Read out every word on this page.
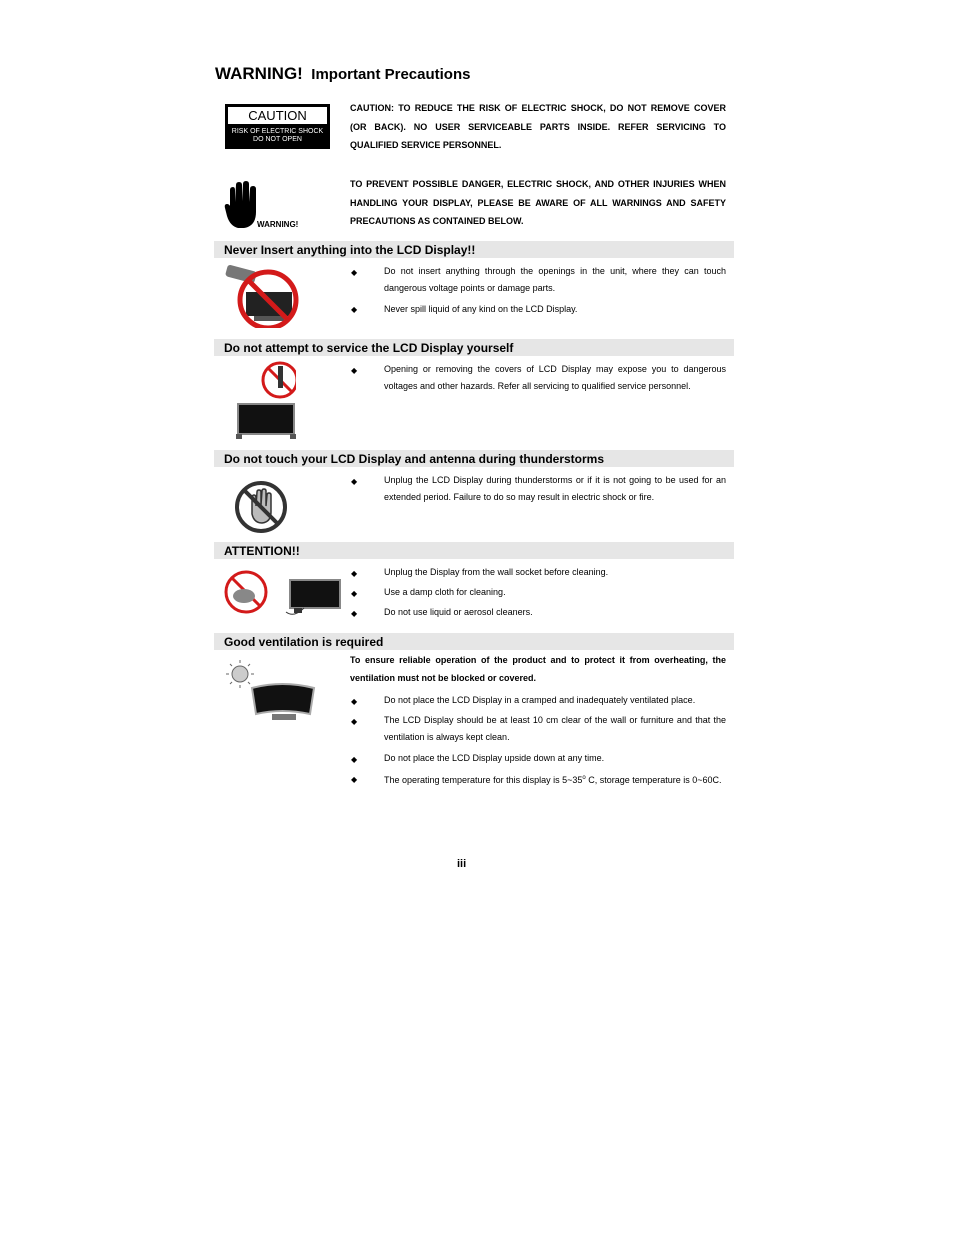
WARNING! Important Precautions
CAUTION
RISK OF ELECTRIC SHOCK
DO NOT OPEN
CAUTION: TO REDUCE THE RISK OF ELECTRIC SHOCK, DO NOT REMOVE COVER (OR BACK). NO USER SERVICEABLE PARTS INSIDE. REFER SERVICING TO QUALIFIED SERVICE PERSONNEL.
WARNING!
TO PREVENT POSSIBLE DANGER, ELECTRIC SHOCK, AND OTHER INJURIES WHEN HANDLING YOUR DISPLAY, PLEASE BE AWARE OF ALL WARNINGS AND SAFETY PRECAUTIONS AS CONTAINED BELOW.
Never Insert anything into the LCD Display!!
◆	Do not insert anything through the openings in the unit, where they can touch dangerous voltage points or damage parts.
◆	Never spill liquid of any kind on the LCD Display.
Do not attempt to service the LCD Display yourself
◆	Opening or removing the covers of LCD Display may expose you to dangerous voltages and other hazards. Refer all servicing to qualified service personnel.
Do not touch your LCD Display and antenna during thunderstorms
◆	Unplug the LCD Display during thunderstorms or if it is not going to be used for an extended period. Failure to do so may result in electric shock or fire.
ATTENTION!!
◆	Unplug the Display from the wall socket before cleaning.
◆	Use a damp cloth for cleaning.
◆	Do not use liquid or aerosol cleaners.
Good ventilation is required
To ensure reliable operation of the product and to protect it from overheating, the ventilation must not be blocked or covered.
◆	Do not place the LCD Display in a cramped and inadequately ventilated place.
◆	The LCD Display should be at least 10 cm clear of the wall or furniture and that the ventilation is always kept clean.
◆	Do not place the LCD Display upside down at any time.
◆	The operating temperature for this display is 5~35$^o$ C, storage temperature is 0~60C.
iii
